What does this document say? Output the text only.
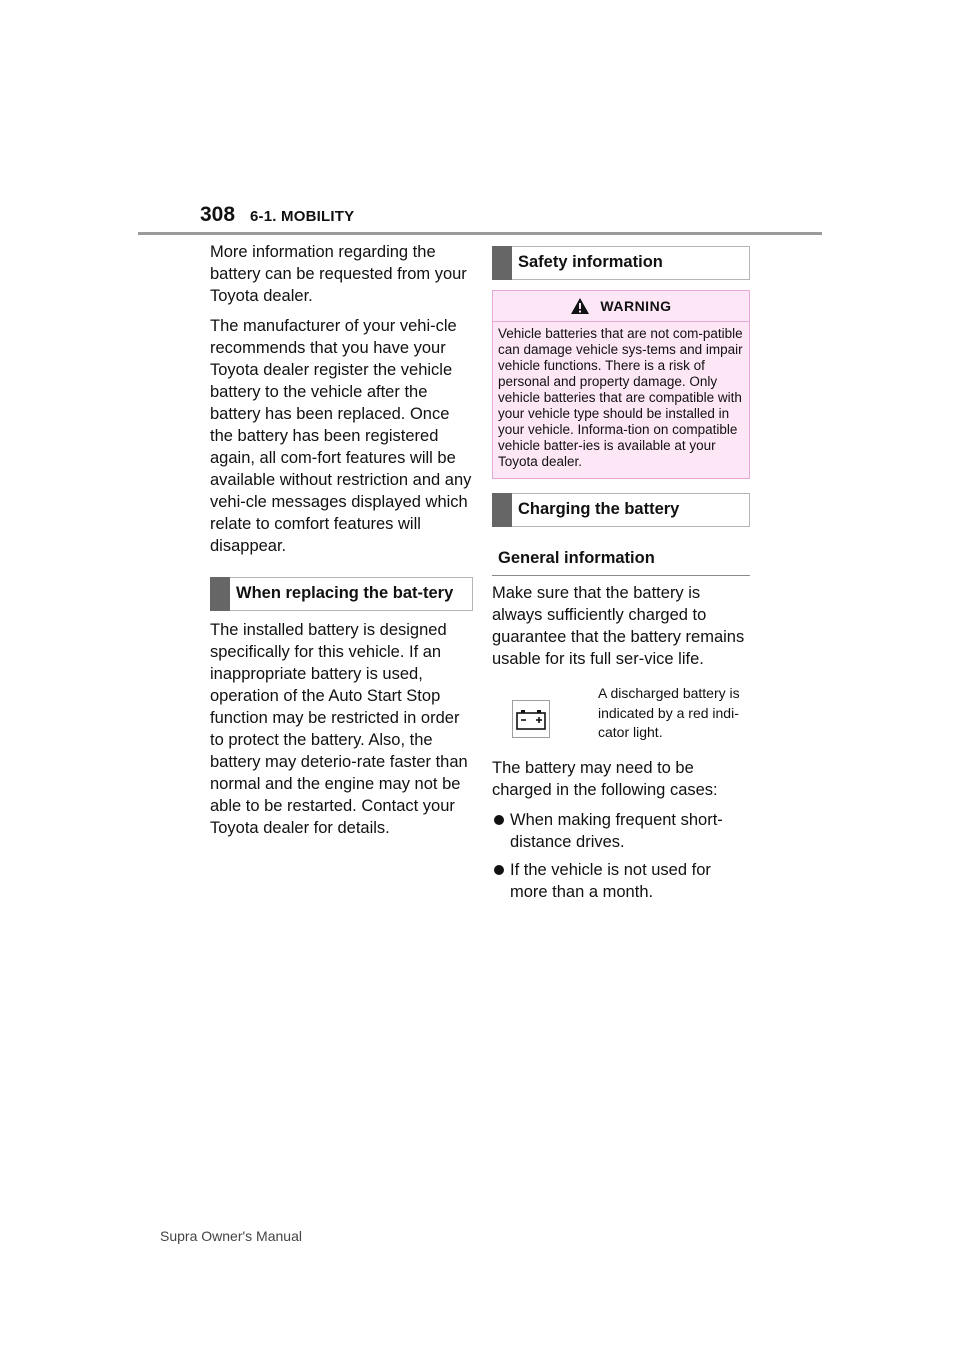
308 6-1. MOBILITY

More information regarding the battery can be requested from your Toyota dealer.

The manufacturer of your vehi-cle recommends that you have your Toyota dealer register the vehicle battery to the vehicle after the battery has been replaced. Once the battery has been registered again, all com-fort features will be available without restriction and any vehi-cle messages displayed which relate to comfort features will disappear.

When replacing the bat-tery

The installed battery is designed specifically for this vehicle. If an inappropriate battery is used, operation of the Auto Start Stop function may be restricted in order to protect the battery. Also, the battery may deterio-rate faster than normal and the engine may not be able to be restarted. Contact your Toyota dealer for details.

Safety information
WARNING
Vehicle batteries that are not com-patible can damage vehicle sys-tems and impair vehicle functions. There is a risk of personal and property damage. Only vehicle batteries that are compatible with your vehicle type should be installed in your vehicle. Informa-tion on compatible vehicle batter-ies is available at your Toyota dealer.
Charging the battery
General information

Make sure that the battery is always sufficiently charged to guarantee that the battery remains usable for its full ser-vice life.

A discharged battery is indicated by a red indi-cator light.

The battery may need to be charged in the following cases:

When making frequent short-distance drives.
If the vehicle is not used for more than a month.
Supra Owner's Manual
